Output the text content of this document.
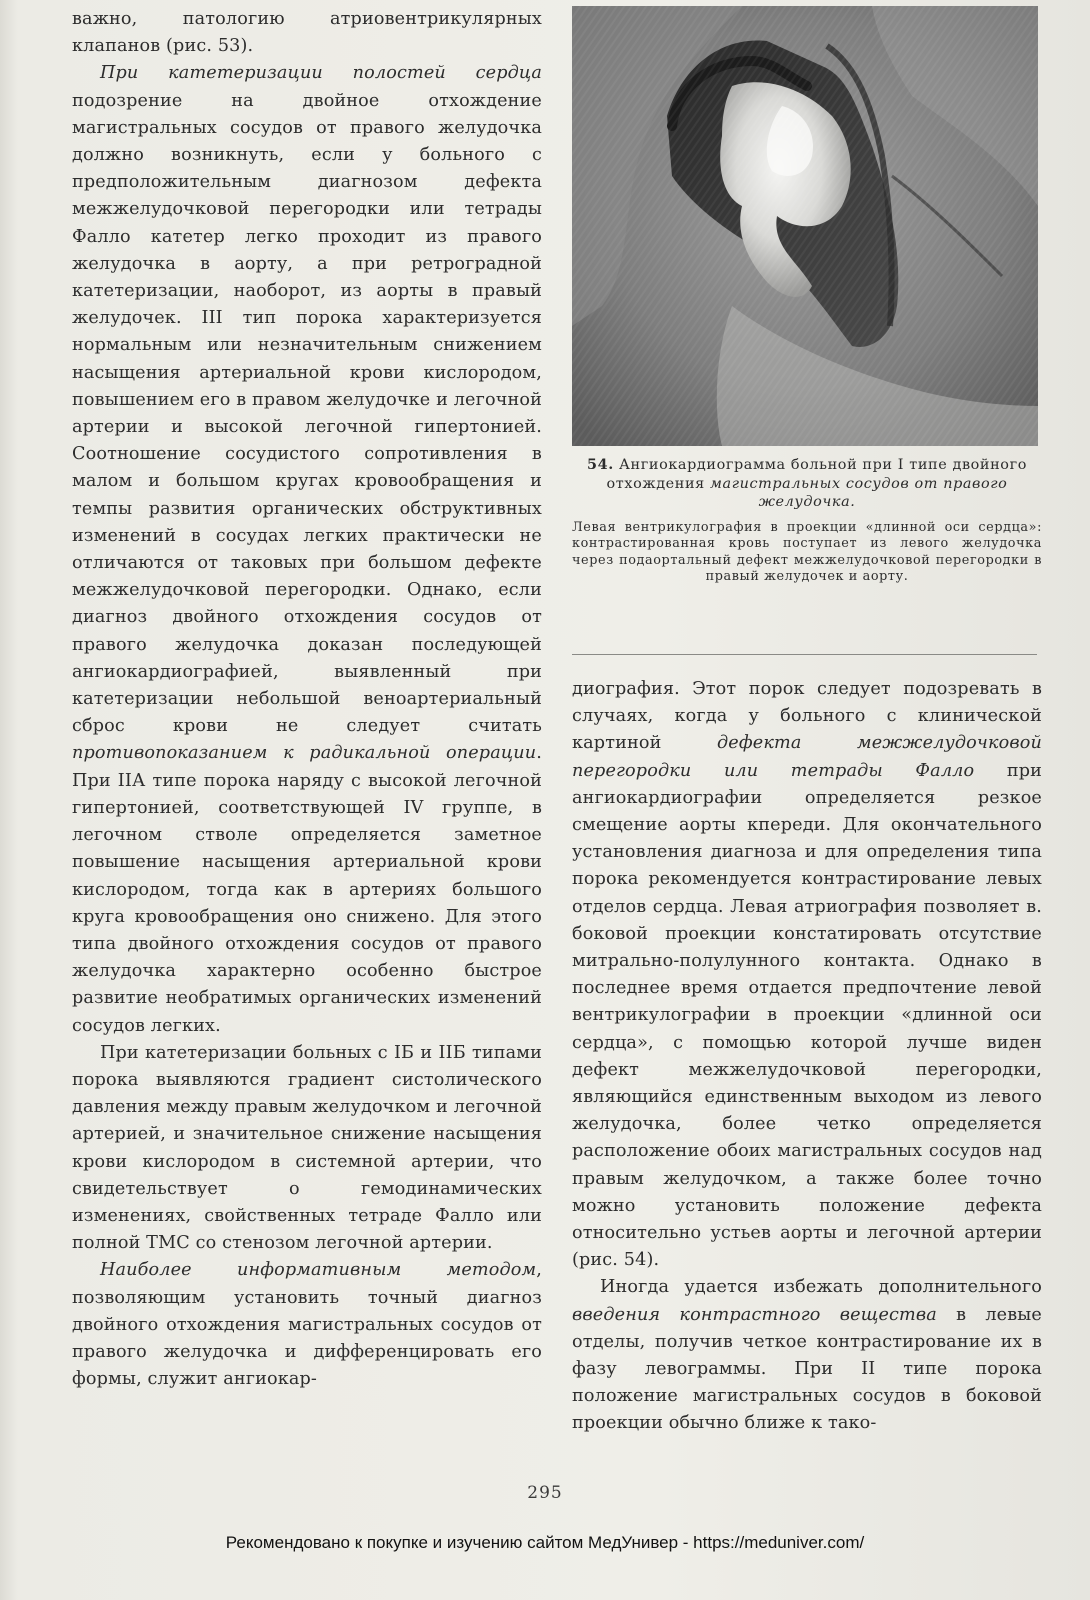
важно, патологию атриовентрикулярных клапанов (рис. 53).

При катетеризации полостей сердца подозрение на двойное отхождение магистральных сосудов от правого желудочка должно возникнуть, если у больного с предположительным диагнозом дефекта межжелудочковой перегородки или тетрады Фалло катетер легко проходит из правого желудочка в аорту, а при ретроградной катетеризации, наоборот, из аорты в правый желудочек. III тип порока характеризуется нормальным или незначительным снижением насыщения артериальной крови кислородом, повышением его в правом желудочке и легочной артерии и высокой легочной гипертонией. Соотношение сосудистого сопротивления в малом и большом кругах кровообращения и темпы развития органических обструктивных изменений в сосудах легких практически не отличаются от таковых при большом дефекте межжелудочковой перегородки. Однако, если диагноз двойного отхождения сосудов от правого желудочка доказан последующей ангиокардиографией, выявленный при катетеризации небольшой веноартериальный сброс крови не следует считать противопоказанием к радикальной операции. При IIА типе порока наряду с высокой легочной гипертонией, соответствующей IV группе, в легочном стволе определяется заметное повышение насыщения артериальной крови кислородом, тогда как в артериях большого круга кровообращения оно снижено. Для этого типа двойного отхождения сосудов от правого желудочка характерно особенно быстрое развитие необратимых органических изменений сосудов легких.

При катетеризации больных с IБ и IIБ типами порока выявляются градиент систолического давления между правым желудочком и легочной артерией, и значительное снижение насыщения крови кислородом в системной артерии, что свидетельствует о гемодинамических изменениях, свойственных тетраде Фалло или полной ТМС со стенозом легочной артерии.

Наиболее информативным методом, позволяющим установить точный диагноз двойного отхождения магистральных сосудов от правого желудочка и дифференцировать его формы, служит ангиокар-

54. Ангиокардиограмма больной при I типе двойного отхождения магистральных сосудов от правого желудочка.

Левая вентрикулография в проекции «длинной оси сердца»: контрастированная кровь поступает из левого желудочка через подаортальный дефект межжелудочковой перегородки в правый желудочек и аорту.

диография. Этот порок следует подозревать в случаях, когда у больного с клинической картиной дефекта межжелудочковой перегородки или тетрады Фалло при ангиокардиографии определяется резкое смещение аорты кпереди. Для окончательного установления диагноза и для определения типа порока рекомендуется контрастирование левых отделов сердца. Левая атриография позволяет в. боковой проекции констатировать отсутствие митрально-полулунного контакта. Однако в последнее время отдается предпочтение левой вентрикулографии в проекции «длинной оси сердца», с помощью которой лучше виден дефект межжелудочковой перегородки, являющийся единственным выходом из левого желудочка, более четко определяется расположение обоих магистральных сосудов над правым желудочком, а также более точно можно установить положение дефекта относительно устьев аорты и легочной артерии (рис. 54).

Иногда удается избежать дополнительного введения контрастного вещества в левые отделы, получив четкое контрастирование их в фазу левограммы. При II типе порока положение магистральных сосудов в боковой проекции обычно ближе к тако-

295
Рекомендовано к покупке и изучению сайтом МедУнивер - https://meduniver.com/
